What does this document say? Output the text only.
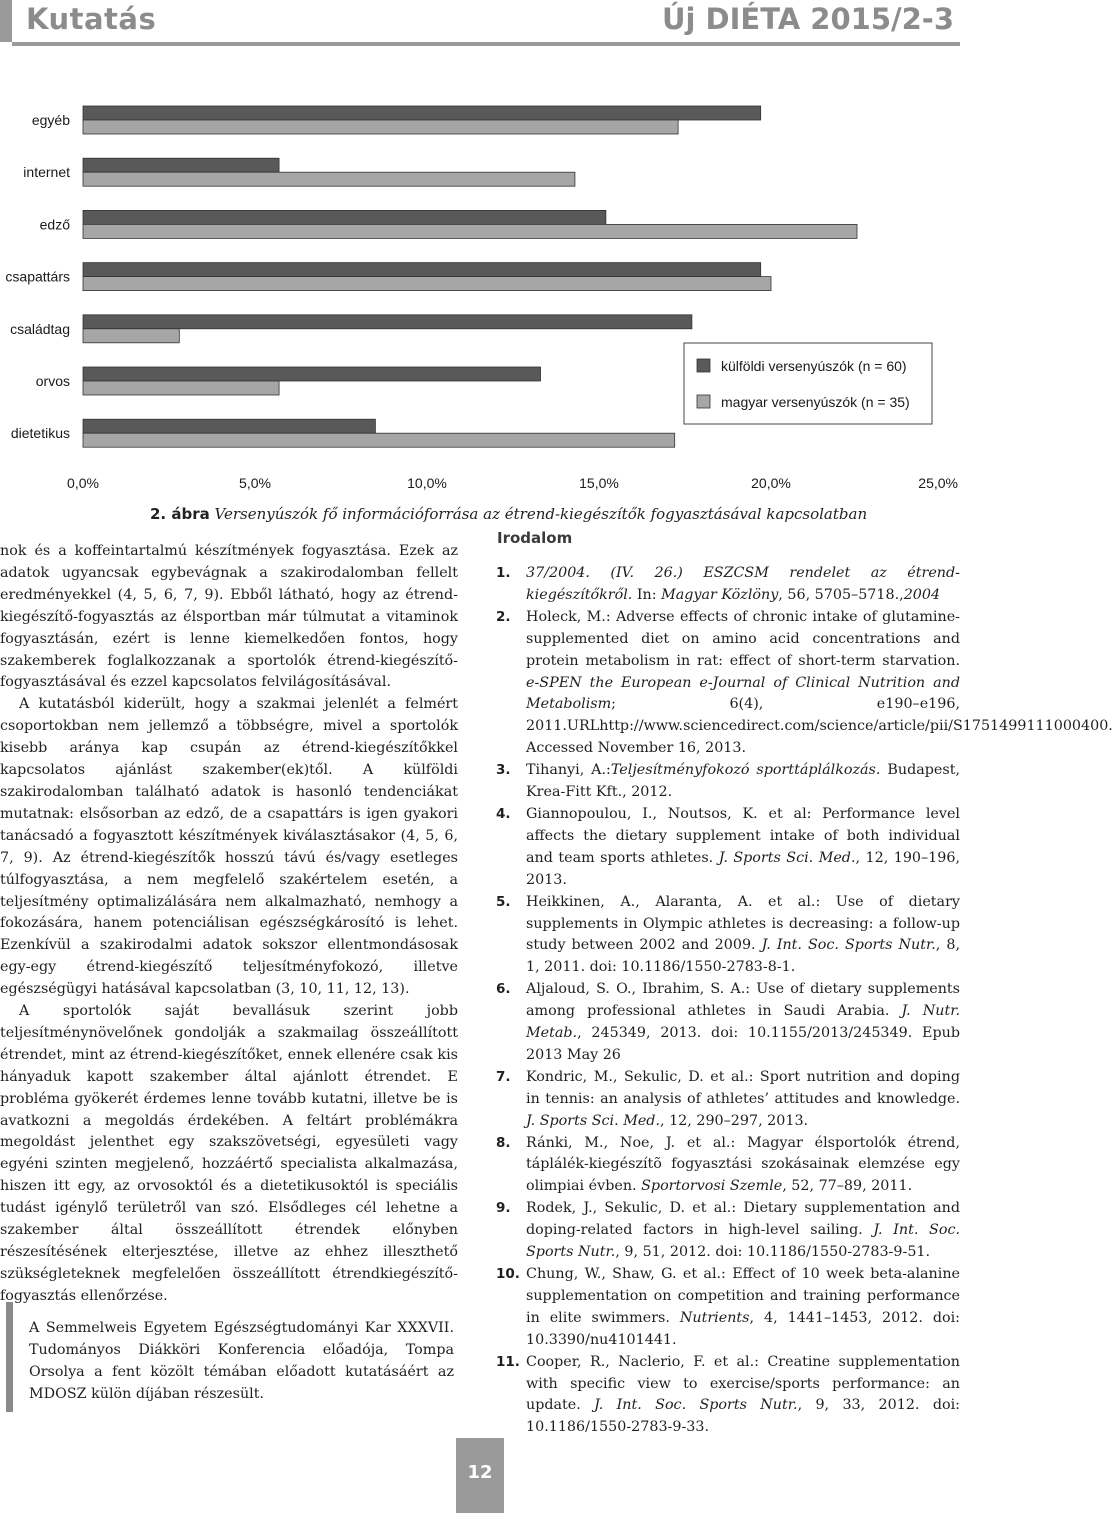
Kutatás	Új DIÉTA 2015/2-3
egyéb
internet
edző
csapattárs
családtag
orvos
dietetikus
0,0%	5,0%	10,0%	15,0%	20,0%	25,0%
külföldi versenyúszók (n = 60)
magyar versenyúszók (n = 35)
2. ábra Versenyúszók fő információforrása az étrend-kiegészítők fogyasztásával kapcsolatban

nok és a koffeintartalmú készítmények fogyasztása. Ezek az adatok ugyancsak egybevágnak a szakirodalomban fellelt eredményekkel (4, 5, 6, 7, 9). Ebből látható, hogy az étrend-kiegészítő-fogyasztás az élsportban már túlmutat a vitaminok fogyasztásán, ezért is lenne kiemelkedően fontos, hogy szakemberek foglalkozzanak a sportolók étrend-kiegészítő-fogyasztásával és ezzel kapcsolatos felvilágosításával.

A kutatásból kiderült, hogy a szakmai jelenlét a felmért csoportokban nem jellemző a többségre, mivel a sportolók kisebb aránya kap csupán az étrend-kiegészítőkkel kapcsolatos ajánlást szakember(ek)től. A külföldi szakirodalomban található adatok is hasonló tendenciákat mutatnak: elsősorban az edző, de a csapattárs is igen gyakori tanácsadó a fogyasztott készítmények kiválasztásakor (4, 5, 6, 7, 9). Az étrend-kiegészítők hosszú távú és/vagy esetleges túlfogyasztása, a nem megfelelő szakértelem esetén, a teljesítmény optimalizálására nem alkalmazható, nemhogy a fokozására, hanem potenciálisan egészségkárosító is lehet. Ezenkívül a szakirodalmi adatok sokszor ellentmondásosak egy-egy étrend-kiegészítő teljesítményfokozó, illetve egészségügyi hatásával kapcsolatban (3, 10, 11, 12, 13).

A sportolók saját bevallásuk szerint jobb teljesítménynövelőnek gondolják a szakmailag összeállított étrendet, mint az étrend-kiegészítőket, ennek ellenére csak kis hányaduk kapott szakember által ajánlott étrendet. E probléma gyökerét érdemes lenne tovább kutatni, illetve be is avatkozni a megoldás érdekében. A feltárt problémákra megoldást jelenthet egy szakszövetségi, egyesületi vagy egyéni szinten megjelenő, hozzáértő specialista alkalmazása, hiszen itt egy, az orvosoktól és a dietetikusoktól is speciális tudást igénylő területről van szó. Elsődleges cél lehetne a szakember által összeállított étrendek előnyben részesítésének elterjesztése, illetve az ehhez illeszthető szükségleteknek megfelelően összeállított étrendkiegészítő-fogyasztás ellenőrzése.

A Semmelweis Egyetem Egészségtudományi Kar XXXVII. Tudományos Diákköri Konferencia előadója, Tompa Orsolya a fent közölt témában előadott kutatásáért az MDOSZ külön díjában részesült.
Irodalom
1. 37/2004. (IV. 26.) ESZCSM rendelet az étrend-kiegészítőkről. In: Magyar Közlöny, 56, 5705–5718.,2004
2. Holeck, M.: Adverse effects of chronic intake of glutamine-supplemented diet on amino acid concentrations and protein metabolism in rat: effect of short-term starvation. e-SPEN the European e-Journal of Clinical Nutrition and Metabolism; 6(4), e190–e196, 2011.URLhttp://www.sciencedirect.com/science/article/pii/S1751499111000400. Accessed November 16, 2013.
3. Tihanyi, A.:Teljesítményfokozó sporttáplálkozás. Budapest, Krea-Fitt Kft., 2012.
4. Giannopoulou, I., Noutsos, K. et al: Performance level affects the dietary supplement intake of both individual and team sports athletes. J. Sports Sci. Med., 12, 190–196, 2013.
5. Heikkinen, A., Alaranta, A. et al.: Use of dietary supplements in Olympic athletes is decreasing: a follow-up study between 2002 and 2009. J. Int. Soc. Sports Nutr., 8, 1, 2011. doi: 10.1186/1550-2783-8-1.
6. Aljaloud, S. O., Ibrahim, S. A.: Use of dietary supplements among professional athletes in Saudi Arabia. J. Nutr. Metab., 245349, 2013. doi: 10.1155/2013/245349. Epub 2013 May 26
7. Kondric, M., Sekulic, D. et al.: Sport nutrition and doping in tennis: an analysis of athletes’ attitudes and knowledge. J. Sports Sci. Med., 12, 290–297, 2013.
8. Ránki, M., Noe, J. et al.: Magyar élsportolók étrend, táplálék-kiegészítõ fogyasztási szokásainak elemzése egy olimpiai évben. Sportorvosi Szemle, 52, 77–89, 2011.
9. Rodek, J., Sekulic, D. et al.: Dietary supplementation and doping-related factors in high-level sailing. J. Int. Soc. Sports Nutr., 9, 51, 2012. doi: 10.1186/1550-2783-9-51.
10. Chung, W., Shaw, G. et al.: Effect of 10 week beta-alanine supplementation on competition and training performance in elite swimmers. Nutrients, 4, 1441–1453, 2012. doi: 10.3390/nu4101441.
11. Cooper, R., Naclerio, F. et al.: Creatine supplementation with specific view to exercise/sports performance: an update. J. Int. Soc. Sports Nutr., 9, 33, 2012. doi: 10.1186/1550-2783-9-33.
12
